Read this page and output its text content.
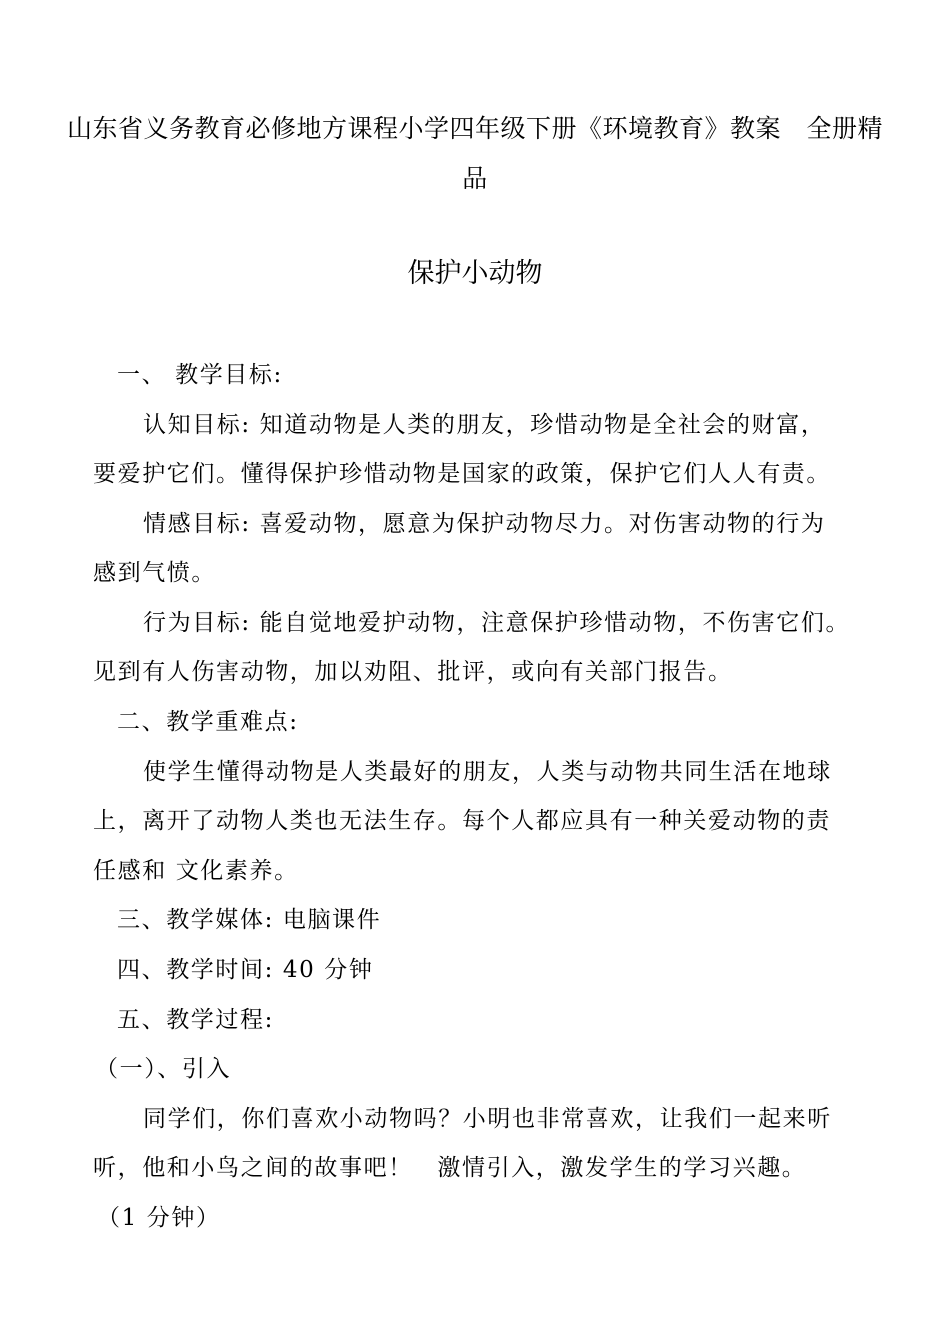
山东省义务教育必修地方课程小学四年级下册《环境教育》教案　全册精品
保护小动物
一、 教学目标:
认知目标: 知道动物是人类的朋友，珍惜动物是全社会的财富，
要爱护它们。懂得保护珍惜动物是国家的政策，保护它们人人有责。
情感目标: 喜爱动物，愿意为保护动物尽力。对伤害动物的行为
感到气愤。
行为目标: 能自觉地爱护动物，注意保护珍惜动物，不伤害它们。
见到有人伤害动物，加以劝阻、批评，或向有关部门报告。
二、教学重难点:
使学生懂得动物是人类最好的朋友，人类与动物共同生活在地球
上，离开了动物人类也无法生存。每个人都应具有一种关爱动物的责
任感和 文化素养。
三、教学媒体: 电脑课件
四、教学时间: 40 分钟
五、教学过程:
（一）、引入
同学们，你们喜欢小动物吗？小明也非常喜欢，让我们一起来听
听，他和小鸟之间的故事吧！　激情引入，激发学生的学习兴趣。
（1 分钟）
